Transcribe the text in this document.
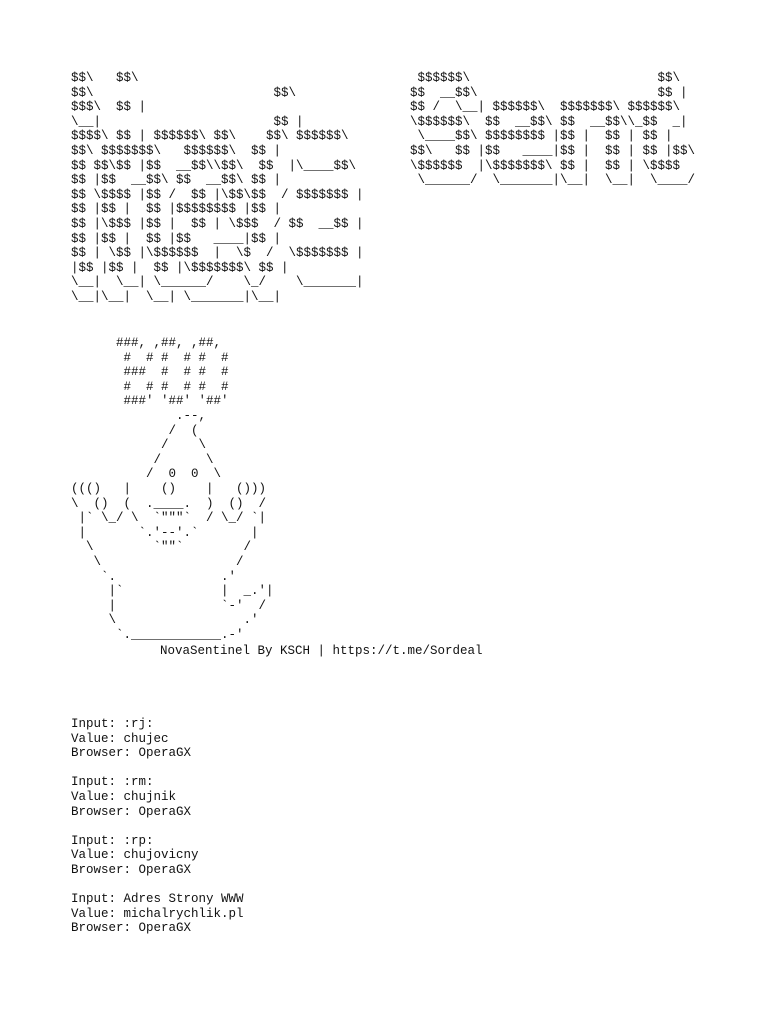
$$\   $$\
$$\                        $$\
$$$\  $$ |
\__|                       $$ |
$$$$\ $$ | $$$$$$\ $$\    $$\ $$$$$$\
$$\ $$$$$$$\   $$$$$$\  $$ |
$$ $$\$$ |$$  __$$\\$$\  $$  |\____$$\
$$ |$$  __$$\ $$  __$$\ $$ |
$$ \$$$$ |$$ /  $$ |\$$\$$  / $$$$$$$ |
$$ |$$ |  $$ |$$$$$$$$ |$$ |
$$ |\$$$ |$$ |  $$ | \$$$  / $$  __$$ |
$$ |$$ |  $$ |$$   ____|$$ |
$$ | \$$ |\$$$$$$  |  \$  /  \$$$$$$$ |
|$$ |$$ |  $$ |\$$$$$$$\ $$ |
\__|  \__| \______/    \_/    \_______|
\__|\__|  \__| \_______|\__|
$$$$$$\                         $$\
$$  __$$\                        $$ |
$$ /  \__| $$$$$$\  $$$$$$$\ $$$$$$\
\$$$$$$\  $$  __$$\ $$  __$$\\_$$  _|
\____$$\ $$$$$$$$ |$$ |  $$ | $$ |
$$\   $$ |$$   ____|$$ |  $$ | $$ |$$\
\$$$$$$  |\$$$$$$$\ $$ |  $$ | \$$$$
\______/  \_______|\__|  \__|  \____/
###, ,##, ,##,
#  # #  # #  #
###  #  # #  #
#  # #  # #  #
###' '##' '##'
.--,
/  (
/    \
/      \
/  0  0  \
((()   |    ()    |   ()))
\  ()  (  .____.  )  ()  /
|` \_/ \  `"""`  / \_/ `|
|       `.'--'.`       |
\        `""`        /
\                  /
`.              .'
|`             |  _.'|
|              `-'  /
\                 .'
`.____________.-'
NovaSentinel By KSCH | https://t.me/Sordeal
Input: :rj:
Value: chujec
Browser: OperaGX
Input: :rm:
Value: chujnik
Browser: OperaGX
Input: :rp:
Value: chujovicny
Browser: OperaGX
Input: Adres Strony WWW
Value: michalrychlik.pl
Browser: OperaGX
